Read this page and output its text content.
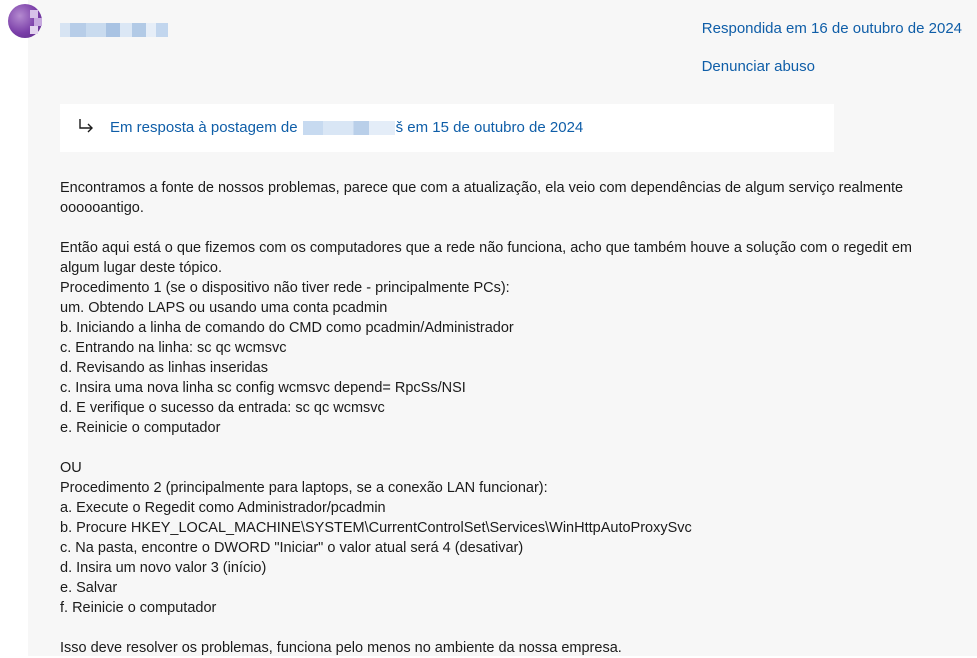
Respondida em 16 de outubro de 2024
Denunciar abuso
Em resposta à postagem de	š em 15 de outubro de 2024

Encontramos a fonte de nossos problemas, parece que com a atualização, ela veio com dependências de algum serviço realmente
oooooantigo.

Então aqui está o que fizemos com os computadores que a rede não funciona, acho que também houve a solução com o regedit em
algum lugar deste tópico.
Procedimento 1 (se o dispositivo não tiver rede - principalmente PCs):
um. Obtendo LAPS ou usando uma conta pcadmin
b. Iniciando a linha de comando do CMD como pcadmin/Administrador
c. Entrando na linha: sc qc wcmsvc
d. Revisando as linhas inseridas
c. Insira uma nova linha sc config wcmsvc depend= RpcSs/NSI
d. E verifique o sucesso da entrada: sc qc wcmsvc
e. Reinicie o computador

OU
Procedimento 2 (principalmente para laptops, se a conexão LAN funcionar):
a. Execute o Regedit como Administrador/pcadmin
b. Procure HKEY_LOCAL_MACHINE\SYSTEM\CurrentControlSet\Services\WinHttpAutoProxySvc
c. Na pasta, encontre o DWORD "Iniciar" o valor atual será 4 (desativar)
d. Insira um novo valor 3 (início)
e. Salvar
f. Reinicie o computador

Isso deve resolver os problemas, funciona pelo menos no ambiente da nossa empresa.
